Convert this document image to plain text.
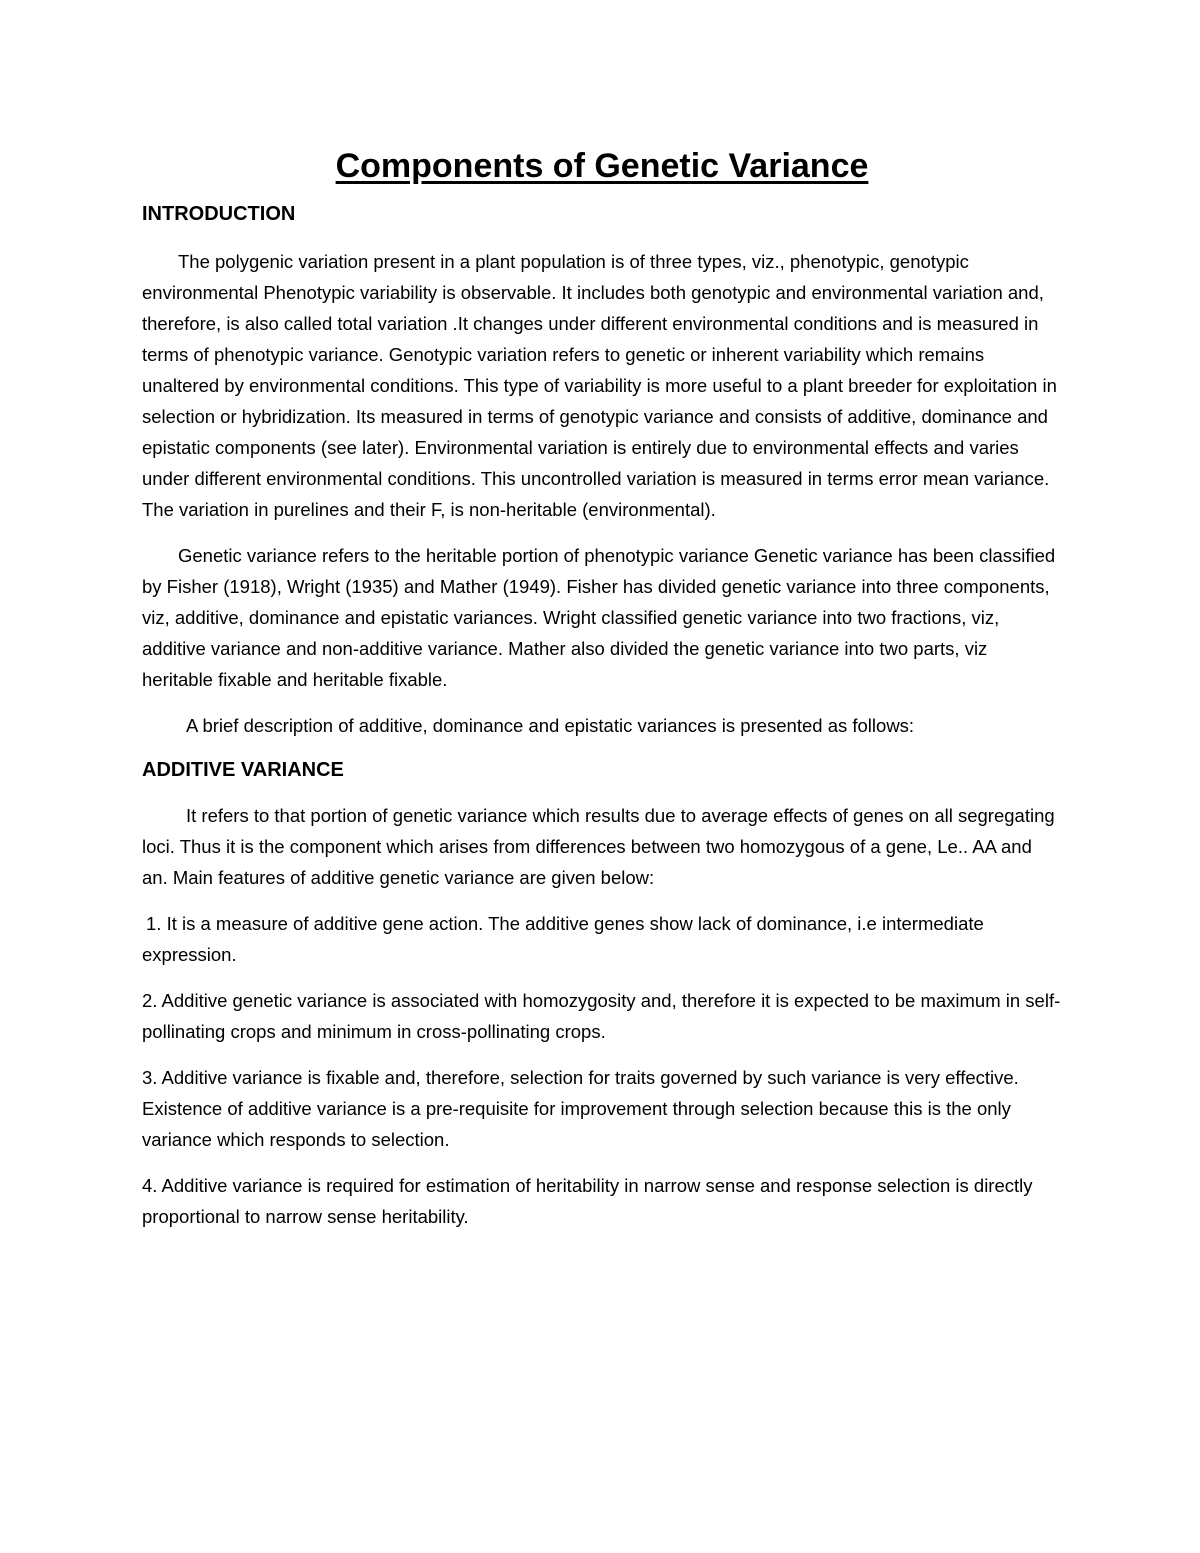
Components of Genetic Variance
INTRODUCTION

The polygenic variation present in a plant population is of three types, viz., phenotypic, genotypic environmental Phenotypic variability is observable. It includes both genotypic and environmental variation and, therefore, is also called total variation .It changes under different environmental conditions and is measured in terms of phenotypic variance. Genotypic variation refers to genetic or inherent variability which remains unaltered by environmental conditions. This type of variability is more useful to a plant breeder for exploitation in selection or hybridization. Its measured in terms of genotypic variance and consists of additive, dominance and epistatic components (see later). Environmental variation is entirely due to environmental effects and varies under different environmental conditions. This uncontrolled variation is measured in terms error mean variance. The variation in purelines and their F, is non-heritable (environmental).

Genetic variance refers to the heritable portion of phenotypic variance Genetic variance has been classified by Fisher (1918), Wright (1935) and Mather (1949). Fisher has divided genetic variance into three components, viz, additive, dominance and epistatic variances. Wright classified genetic variance into two fractions, viz, additive variance and non-additive variance. Mather also divided the genetic variance into two parts, viz heritable fixable and heritable fixable.

A brief description of additive, dominance and epistatic variances is presented as follows:

ADDITIVE VARIANCE

It refers to that portion of genetic variance which results due to average effects of genes on all segregating loci. Thus it is the component which arises from differences between two homozygous of a gene, Le.. AA and an. Main features of additive genetic variance are given below:

1. It is a measure of additive gene action. The additive genes show lack of dominance, i.e intermediate expression.

2. Additive genetic variance is associated with homozygosity and, therefore it is expected to be maximum in self-pollinating crops and minimum in cross-pollinating crops.

3. Additive variance is fixable and, therefore, selection for traits governed by such variance is very effective. Existence of additive variance is a pre-requisite for improvement through selection because this is the only variance which responds to selection.

4. Additive variance is required for estimation of heritability in narrow sense and response selection is directly proportional to narrow sense heritability.
